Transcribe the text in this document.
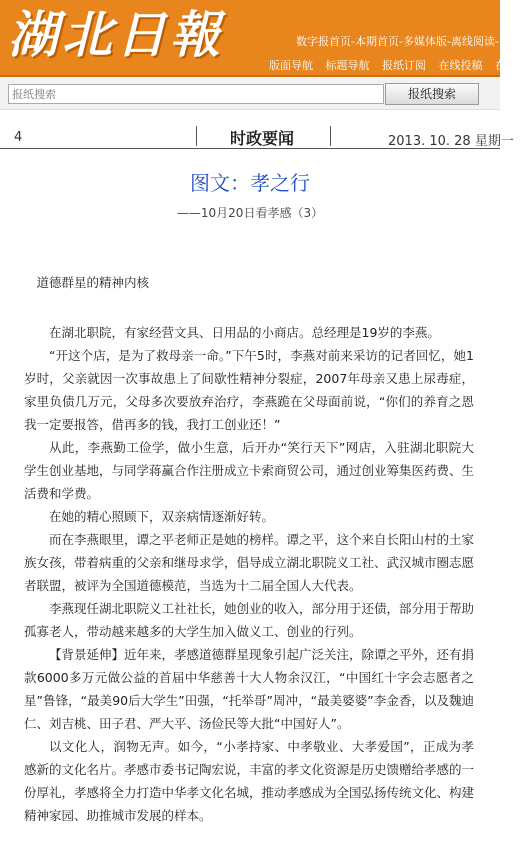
湖北日報	数字报首页-本期首页-多媒体版-离线阅读-
版面导航 标题导航 报纸订阅 在线投稿 在线
报纸搜索
报纸搜索
4	时政要闻	2013. 10. 28 星期一
图文：孝之行
——10月20日看孝感（3）

道德群星的精神内核

在湖北职院，有家经营文具、日用品的小商店。总经理是19岁的李燕。

“开这个店，是为了救母亲一命。”下午5时，李燕对前来采访的记者回忆，她1岁时，父亲就因一次事故患上了间歇性精神分裂症，2007年母亲又患上尿毒症，家里负债几万元，父母多次要放弃治疗，李燕跪在父母面前说，“你们的养育之恩我一定要报答，借再多的钱，我打工创业还！”

从此，李燕勤工俭学，做小生意，后开办“笑行天下”网店，入驻湖北职院大学生创业基地，与同学蒋赢合作注册成立卡索商贸公司，通过创业筹集医药费、生活费和学费。

在她的精心照顾下，双亲病情逐渐好转。

而在李燕眼里，谭之平老师正是她的榜样。谭之平，这个来自长阳山村的土家族女孩，带着病重的父亲和继母求学，倡导成立湖北职院义工社、武汉城市圈志愿者联盟，被评为全国道德模范，当选为十二届全国人大代表。

李燕现任湖北职院义工社社长，她创业的收入，部分用于还债，部分用于帮助孤寡老人，带动越来越多的大学生加入做义工、创业的行列。

【背景延伸】近年来，孝感道德群星现象引起广泛关注，除谭之平外，还有捐款6000多万元做公益的首届中华慈善十大人物余汉江，“中国红十字会志愿者之星”鲁锋，“最美90后大学生”田强，“托举哥”周冲，“最美婆婆”李金香，以及魏迪仁、刘吉桃、田子君、严大平、汤俭民等大批“中国好人”。

以文化人，润物无声。如今，“小孝持家、中孝敬业、大孝爱国”，正成为孝感新的文化名片。孝感市委书记陶宏说，丰富的孝文化资源是历史馈赠给孝感的一份厚礼，孝感将全力打造中华孝文化名城，推动孝感成为全国弘扬传统文化、构建精神家园、助推城市发展的样本。
